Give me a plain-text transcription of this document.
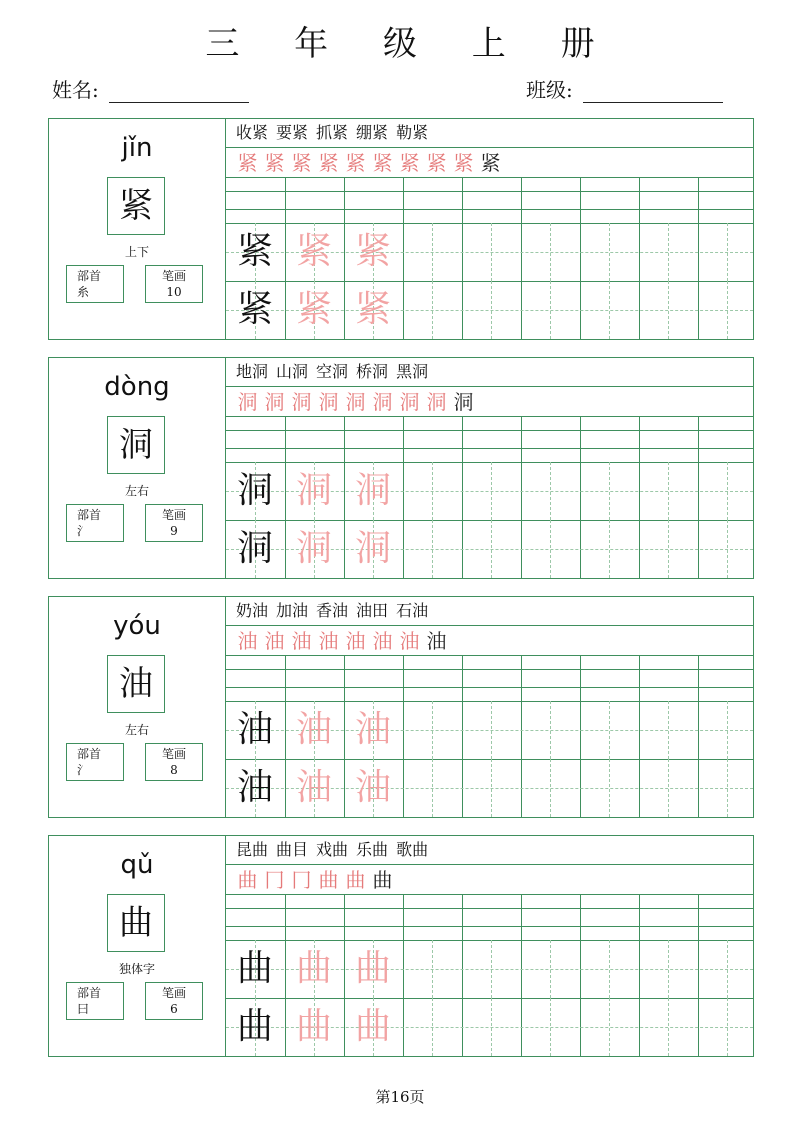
三 年 级 上 册
姓名:	班级:
jǐn
紧
上下
部首
糸
笔画
10
收紧 要紧 抓紧 绷紧 勒紧
紧 紧 紧 紧 紧 紧 紧 紧 紧 紧
紧 紧 紧
紧 紧 紧
dòng
洞
左右
部首
氵
笔画
9
地洞 山洞 空洞 桥洞 黑洞
洞 洞 洞 洞 洞 洞 洞 洞 洞
洞 洞 洞
洞 洞 洞
yóu
油
左右
部首
氵
笔画
8
奶油 加油 香油 油田 石油
油 油 油 油 油 油 油 油
油 油 油
油 油 油
qǔ
曲
独体字
部首
曰
笔画
6
昆曲 曲目 戏曲 乐曲 歌曲
曲 冂 冂 曲 曲 曲
曲 曲 曲
曲 曲 曲
第16页
